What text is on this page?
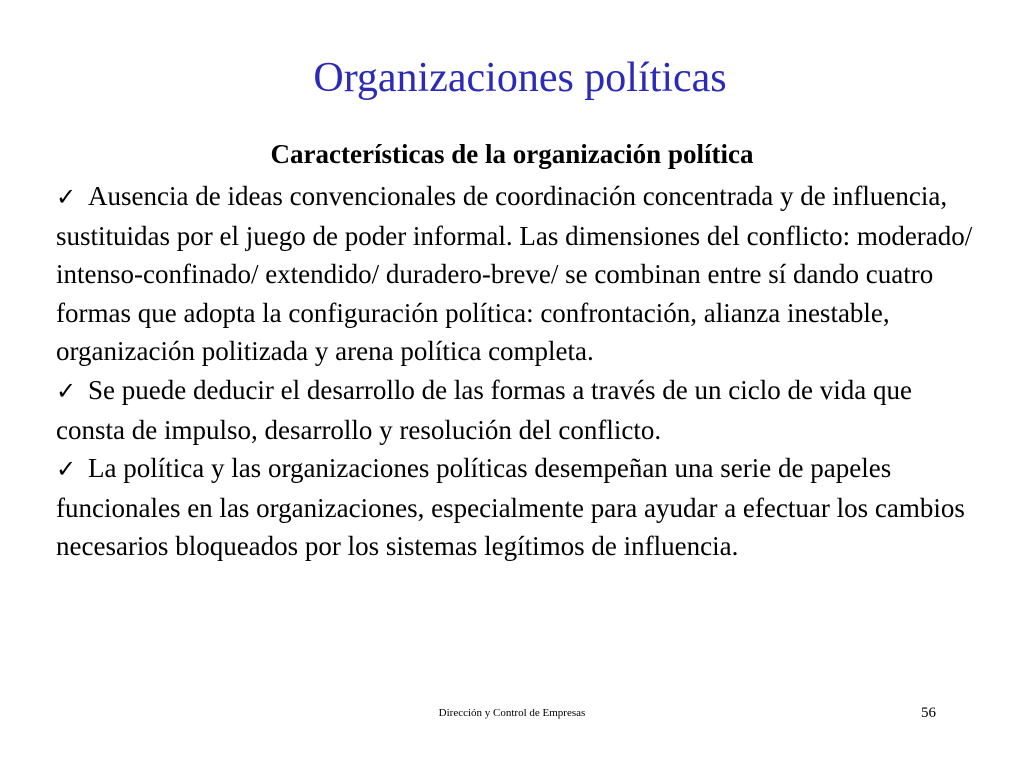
Organizaciones políticas
Características de la organización política

✓ Ausencia de ideas convencionales de coordinación concentrada y de influencia, sustituidas por el juego de poder informal. Las dimensiones del conflicto: moderado/ intenso-confinado/ extendido/ duradero-breve/ se combinan entre sí dando cuatro formas que adopta la configuración política: confrontación, alianza inestable, organización politizada y arena política completa.

✓ Se puede deducir el desarrollo de las formas a través de un ciclo de vida que consta de impulso, desarrollo y resolución del conflicto.

✓ La política y las organizaciones políticas desempeñan una serie de papeles funcionales en las organizaciones, especialmente para ayudar a efectuar los cambios necesarios bloqueados por los sistemas legítimos de influencia.

Dirección y Control de Empresas	56
